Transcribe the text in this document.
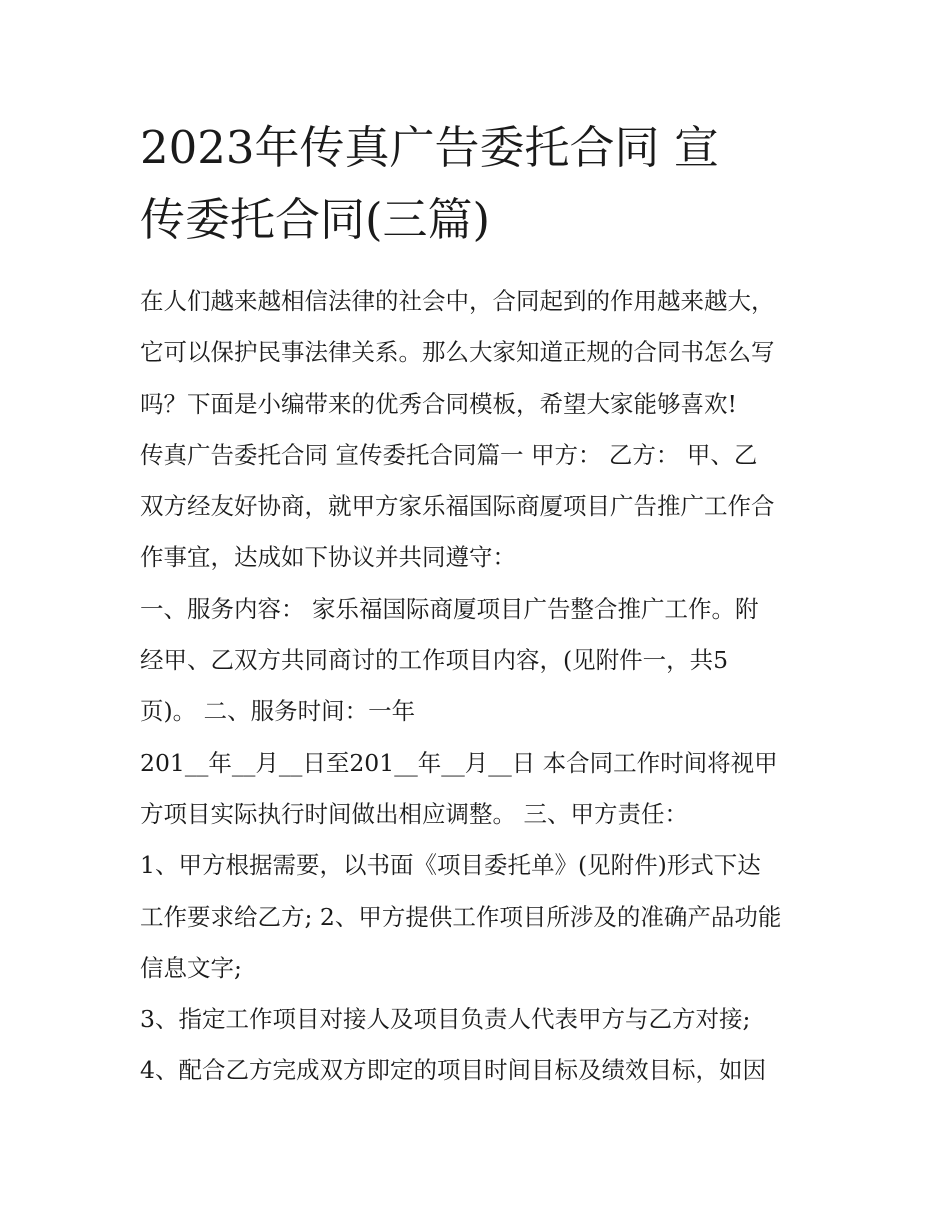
2023年传真广告委托合同 宣
传委托合同(三篇)
在人们越来越相信法律的社会中，合同起到的作用越来越大，
它可以保护民事法律关系。那么大家知道正规的合同书怎么写
吗？下面是小编带来的优秀合同模板，希望大家能够喜欢!
传真广告委托合同 宣传委托合同篇一 甲方： 乙方： 甲、乙
双方经友好协商，就甲方家乐福国际商厦项目广告推广工作合
作事宜，达成如下协议并共同遵守：
一、服务内容： 家乐福国际商厦项目广告整合推广工作。附
经甲、乙双方共同商讨的工作项目内容，(见附件一，共5
页)。 二、服务时间：一年
201__年__月__日至201__年__月__日 本合同工作时间将视甲
方项目实际执行时间做出相应调整。 三、甲方责任：
1、甲方根据需要，以书面《项目委托单》(见附件)形式下达
工作要求给乙方; 2、甲方提供工作项目所涉及的准确产品功能
信息文字;
3、指定工作项目对接人及项目负责人代表甲方与乙方对接;
4、配合乙方完成双方即定的项目时间目标及绩效目标，如因
